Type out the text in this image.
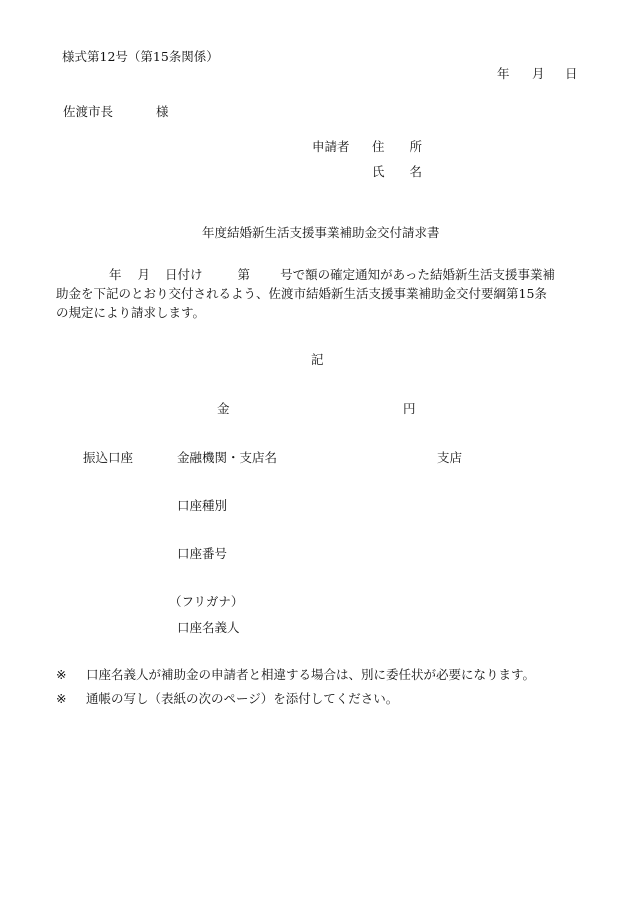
様式第12号（第15条関係）
年 月 日
佐渡市長	様
申請者 住　　所
氏　　名
年度結婚新生活支援事業補助金交付請求書
年 月 日付け	第 号で額の確定通知があった結婚新生活支援事業補
助金を下記のとおり交付されるよう、佐渡市結婚新生活支援事業補助金交付要綱第15条
の規定により請求します。
記
金	円
振込口座	金融機関・支店名	支店
口座種別
口座番号
（フリガナ）
口座名義人
※ 口座名義人が補助金の申請者と相違する場合は、別に委任状が必要になります。
※ 通帳の写し（表紙の次のページ）を添付してください。
